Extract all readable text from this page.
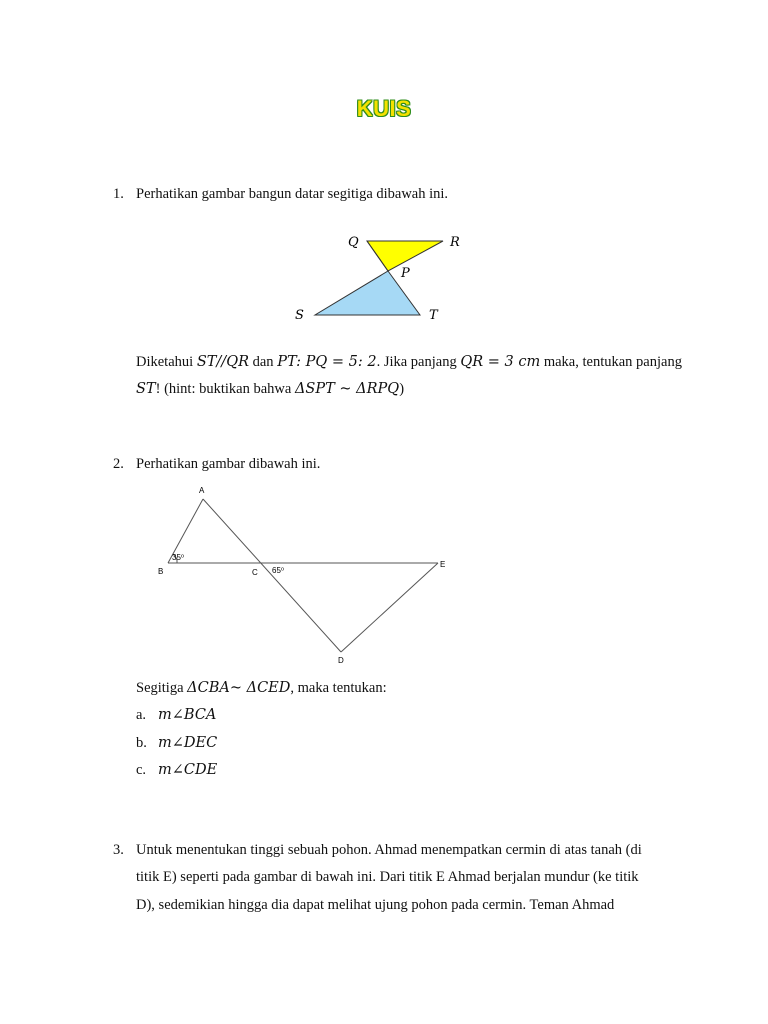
KUIS
1. Perhatikan gambar bangun datar segitiga dibawah ini.
Q	R
P
S	T
Diketahui ST//QR dan PT: PQ = 5: 2. Jika panjang QR = 3 cm maka, tentukan panjang
ST! (hint: buktikan bahwa ΔSPT ~ ΔRPQ)
2. Perhatikan gambar dibawah ini.
A
B	C
D
E
35⁰
65⁰
Segitiga ΔCBA~ ΔCED, maka tentukan:
a. m∠BCA
b. m∠DEC
c. m∠CDE
3. Untuk menentukan tinggi sebuah pohon. Ahmad menempatkan cermin di atas tanah (di
titik E) seperti pada gambar di bawah ini. Dari titik E Ahmad berjalan mundur (ke titik
D), sedemikian hingga dia dapat melihat ujung pohon pada cermin. Teman Ahmad
